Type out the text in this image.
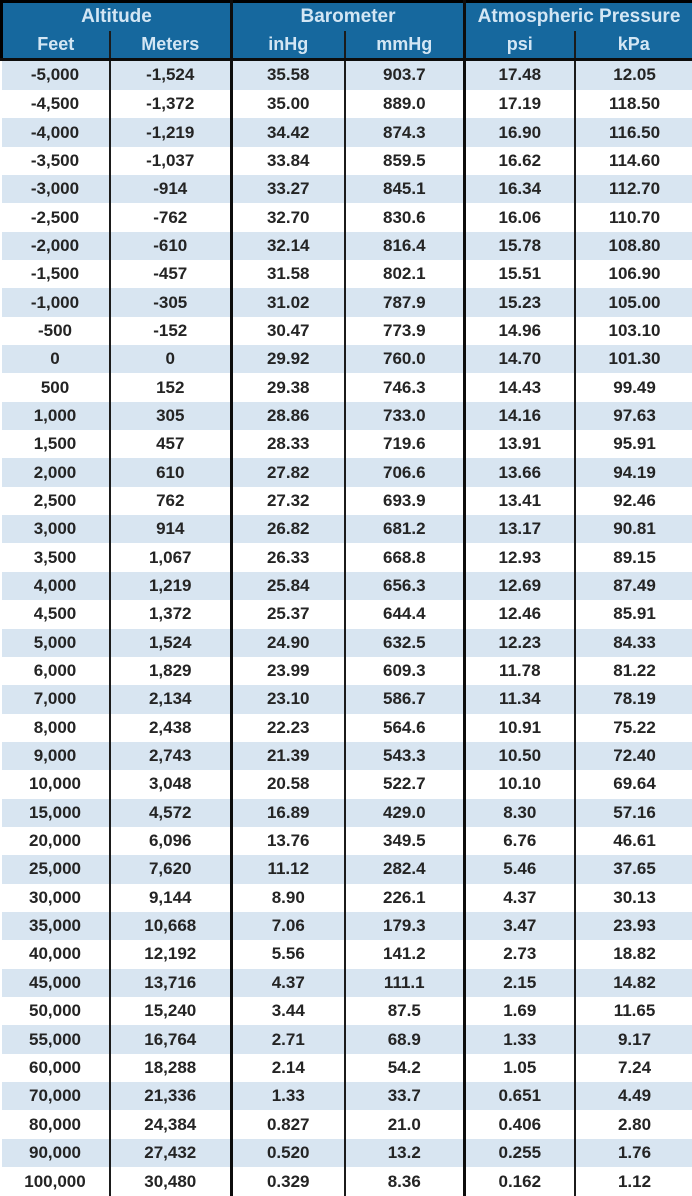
Altitude		Barometer		Atmospheric Pressure	
Feet	Meters	inHg	mmHg	psi	kPa
-5,000	-1,524	35.58	903.7	17.48	12.05
-4,500	-1,372	35.00	889.0	17.19	118.50
-4,000	-1,219	34.42	874.3	16.90	116.50
-3,500	-1,037	33.84	859.5	16.62	114.60
-3,000	-914	33.27	845.1	16.34	112.70
-2,500	-762	32.70	830.6	16.06	110.70
-2,000	-610	32.14	816.4	15.78	108.80
-1,500	-457	31.58	802.1	15.51	106.90
-1,000	-305	31.02	787.9	15.23	105.00
-500	-152	30.47	773.9	14.96	103.10
0	0	29.92	760.0	14.70	101.30
500	152	29.38	746.3	14.43	99.49
1,000	305	28.86	733.0	14.16	97.63
1,500	457	28.33	719.6	13.91	95.91
2,000	610	27.82	706.6	13.66	94.19
2,500	762	27.32	693.9	13.41	92.46
3,000	914	26.82	681.2	13.17	90.81
3,500	1,067	26.33	668.8	12.93	89.15
4,000	1,219	25.84	656.3	12.69	87.49
4,500	1,372	25.37	644.4	12.46	85.91
5,000	1,524	24.90	632.5	12.23	84.33
6,000	1,829	23.99	609.3	11.78	81.22
7,000	2,134	23.10	586.7	11.34	78.19
8,000	2,438	22.23	564.6	10.91	75.22
9,000	2,743	21.39	543.3	10.50	72.40
10,000	3,048	20.58	522.7	10.10	69.64
15,000	4,572	16.89	429.0	8.30	57.16
20,000	6,096	13.76	349.5	6.76	46.61
25,000	7,620	11.12	282.4	5.46	37.65
30,000	9,144	8.90	226.1	4.37	30.13
35,000	10,668	7.06	179.3	3.47	23.93
40,000	12,192	5.56	141.2	2.73	18.82
45,000	13,716	4.37	111.1	2.15	14.82
50,000	15,240	3.44	87.5	1.69	11.65
55,000	16,764	2.71	68.9	1.33	9.17
60,000	18,288	2.14	54.2	1.05	7.24
70,000	21,336	1.33	33.7	0.651	4.49
80,000	24,384	0.827	21.0	0.406	2.80
90,000	27,432	0.520	13.2	0.255	1.76
100,000	30,480	0.329	8.36	0.162	1.12
